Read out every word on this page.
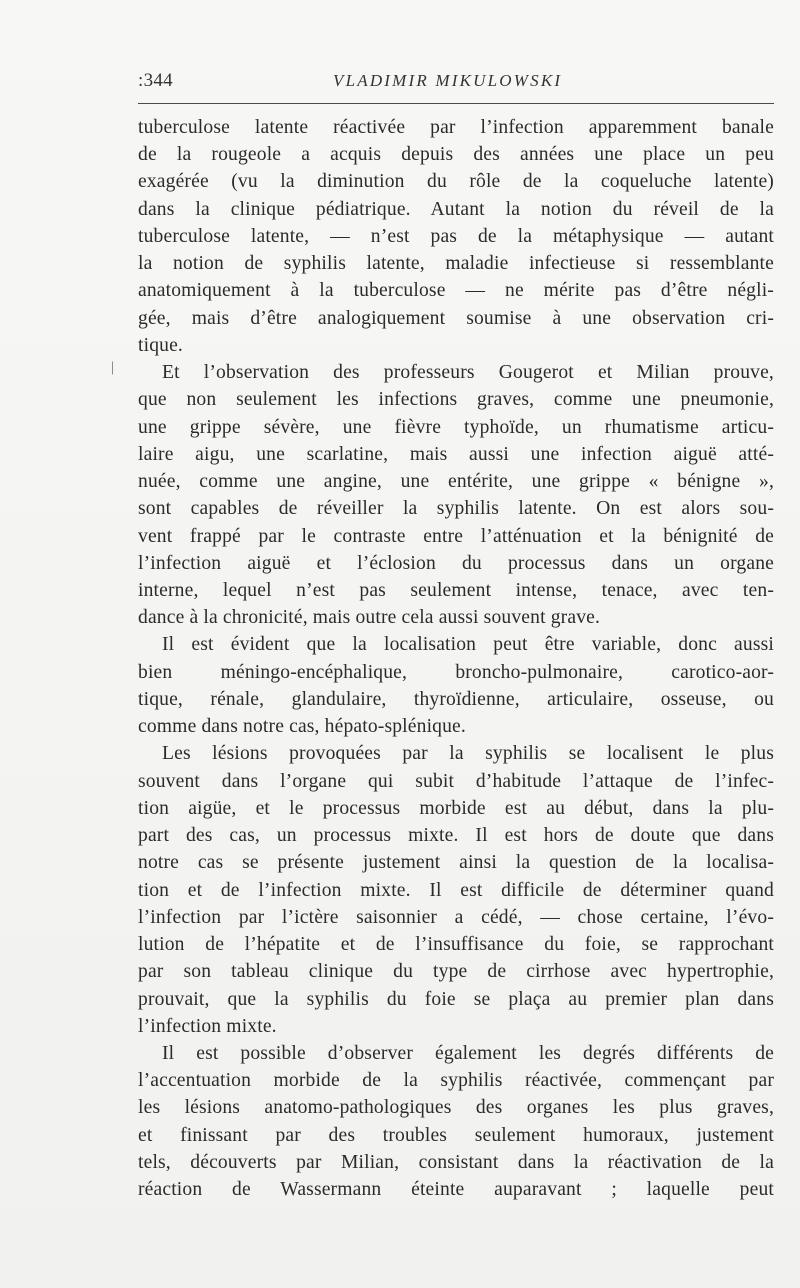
:344	VLADIMIR MIKULOWSKI
∕
tuberculose latente réactivée par l’infection apparemment banale
de la rougeole a acquis depuis des années une place un peu
exagérée (vu la diminution du rôle de la coqueluche latente)
dans la clinique pédiatrique. Autant la notion du réveil de la
tuberculose latente, — n’est pas de la métaphysique — autant
la notion de syphilis latente, maladie infectieuse si ressemblante
anatomiquement à la tuberculose — ne mérite pas d’être négli-
gée, mais d’être analogiquement soumise à une observation cri-
tique.
Et l’observation des professeurs Gougerot et Milian prouve,
que non seulement les infections graves, comme une pneumonie,
une grippe sévère, une fièvre typhoïde, un rhumatisme articu-
laire aigu, une scarlatine, mais aussi une infection aiguë atté-
nuée, comme une angine, une entérite, une grippe « bénigne »,
sont capables de réveiller la syphilis latente. On est alors sou-
vent frappé par le contraste entre l’atténuation et la bénignité de
l’infection aiguë et l’éclosion du processus dans un organe
interne, lequel n’est pas seulement intense, tenace, avec ten-
dance à la chronicité, mais outre cela aussi souvent grave.
Il est évident que la localisation peut être variable, donc aussi
bien méningo-encéphalique, broncho-pulmonaire, carotico-aor-
tique, rénale, glandulaire, thyroïdienne, articulaire, osseuse, ou
comme dans notre cas, hépato-splénique.
Les lésions provoquées par la syphilis se localisent le plus
souvent dans l’organe qui subit d’habitude l’attaque de l’infec-
tion aigüe, et le processus morbide est au début, dans la plu-
part des cas, un processus mixte. Il est hors de doute que dans
notre cas se présente justement ainsi la question de la localisa-
tion et de l’infection mixte. Il est difficile de déterminer quand
l’infection par l’ictère saisonnier a cédé, — chose certaine, l’évo-
lution de l’hépatite et de l’insuffisance du foie, se rapprochant
par son tableau clinique du type de cirrhose avec hypertrophie,
prouvait, que la syphilis du foie se plaça au premier plan dans
l’infection mixte.
Il est possible d’observer également les degrés différents de
l’accentuation morbide de la syphilis réactivée, commençant par
les lésions anatomo-pathologiques des organes les plus graves,
et finissant par des troubles seulement humoraux, justement
tels, découverts par Milian, consistant dans la réactivation de la
réaction de Wassermann éteinte auparavant ; laquelle peut
